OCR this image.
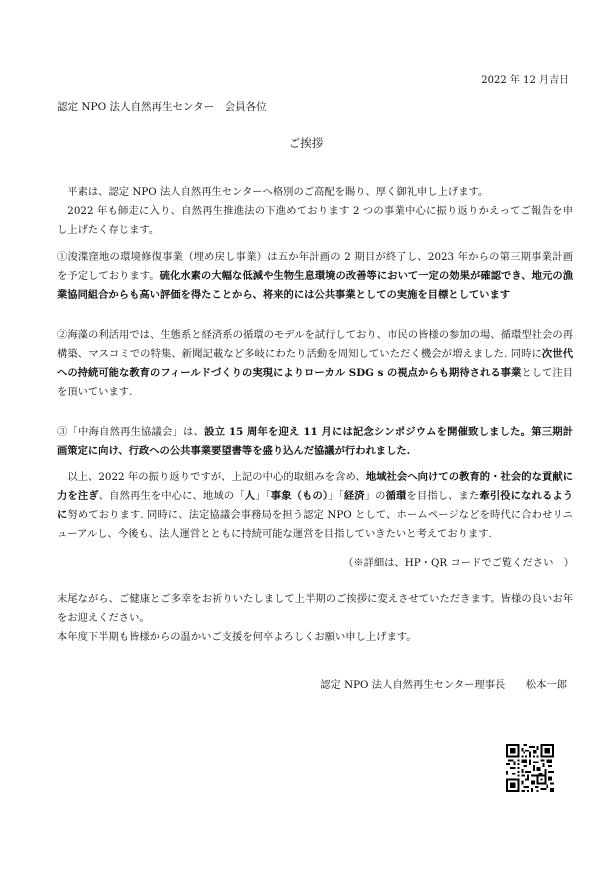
2022 年 12 月吉日
認定 NPO 法人自然再生センター　会員各位
ご挨拶

平素は、認定 NPO 法人自然再生センターへ格別のご高配を賜り、厚く御礼申し上げます。

2022 年も師走に入り、自然再生推進法の下進めております 2 つの事業中心に振り返りかえってご報告を申し上げたく存じます。

①浚渫窪地の環境修復事業（埋め戻し事業）は五か年計画の 2 期目が終了し、2023 年からの第三期事業計画を予定しております。硫化水素の大幅な低減や生物生息環境の改善等において一定の効果が確認でき、地元の漁業協同組合からも高い評価を得たことから、将来的には公共事業としての実施を目標としています

②海藻の利活用では、生態系と経済系の循環のモデルを試行しており、市民の皆様の参加の場、循環型社会の再構築、マスコミでの特集、新聞記載など多岐にわたり活動を周知していただく機会が増えました. 同時に次世代への持続可能な教育のフィールドづくりの実現によりローカル SDG s の視点からも期待される事業として注目を頂いています.

③「中海自然再生協議会」は、設立 15 周年を迎え 11 月には記念シンポジウムを開催致しました。第三期計画策定に向け、行政への公共事業要望書等を盛り込んだ協議が行われました.

以上、2022 年の振り返りですが、上記の中心的取組みを含め、地域社会へ向けての教育的・社会的な貢献に力を注ぎ、自然再生を中心に、地域の「人」「事象（もの）」「経済」の循環を目指し、また牽引役になれるように努めております. 同時に、法定協議会事務局を担う認定 NPO として、ホームページなどを時代に合わせリニューアルし、今後も、法人運営とともに持続可能な運営を目指していきたいと考えております.

（※詳細は、HP・QR コードでご覧ください　）

末尾ながら、ご健康とご多幸をお祈りいたしまして上半期のご挨拶に変えさせていただきます。皆様の良いお年をお迎えください。

本年度下半期も皆様からの温かいご支援を何卒よろしくお願い申し上げます。

認定 NPO 法人自然再生センター理事長　　松本一郎
